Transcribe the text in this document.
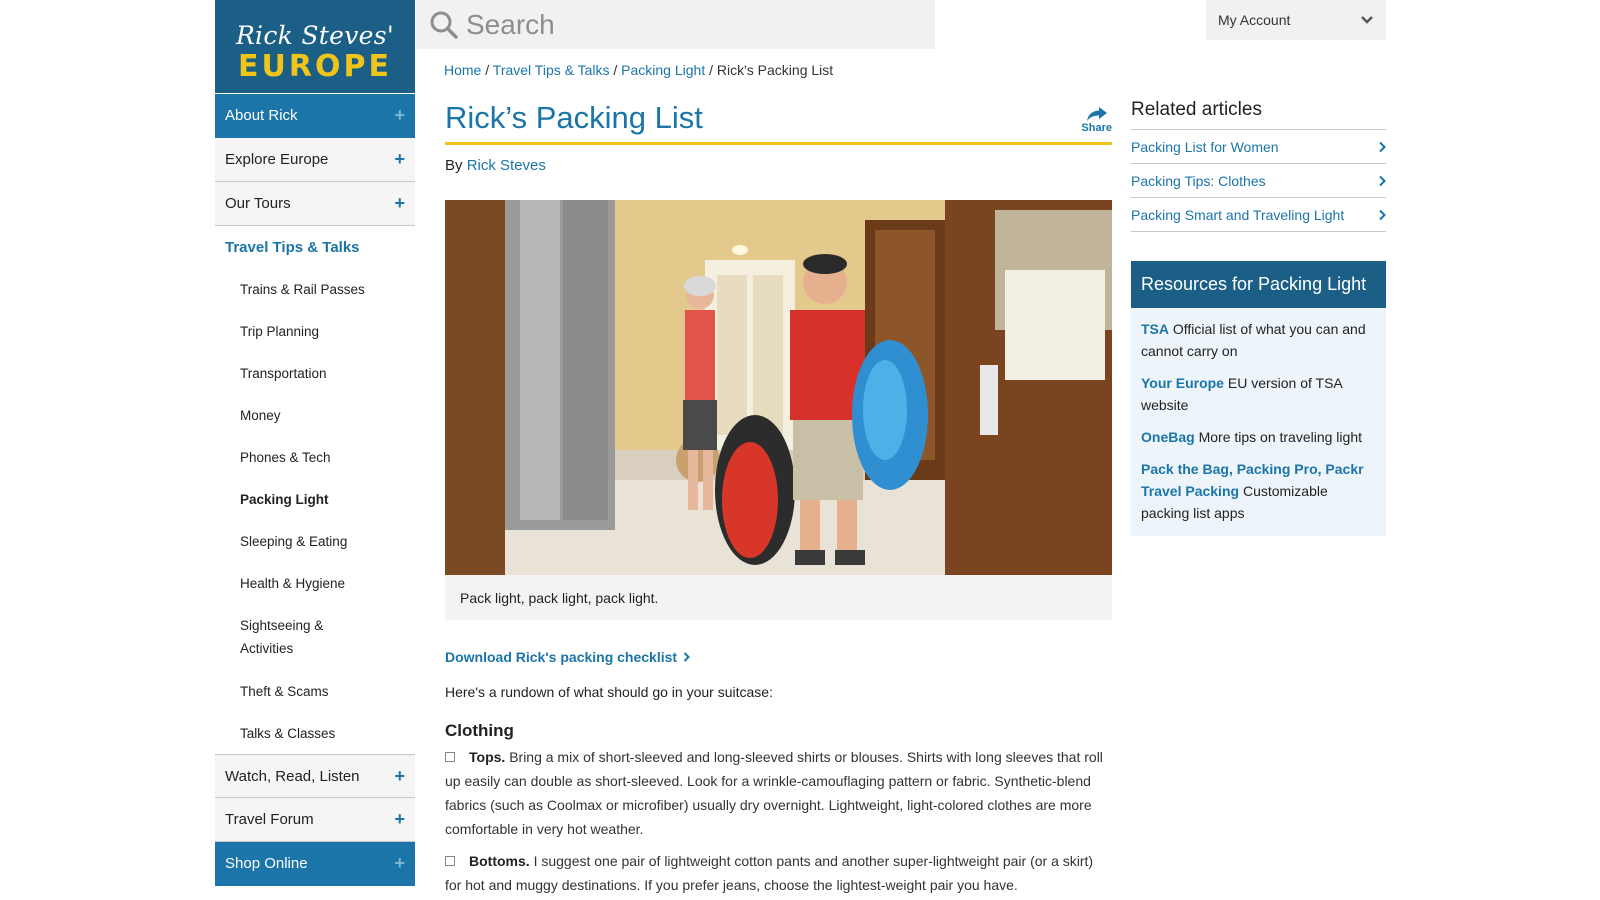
Rick Steves'
EUROPE
Search
My Account
About Rick	+
Explore Europe	+
Our Tours	+
Travel Tips & Talks
Trains & Rail Passes
Trip Planning
Transportation
Money
Phones & Tech
Packing Light
Sleeping & Eating
Health & Hygiene
Sightseeing & Activities
Theft & Scams
Talks & Classes
Watch, Read, Listen +
Travel Forum	+
Shop Online	+
Home / Travel Tips & Talks / Packing Light / Rick's Packing List
Rick’s Packing List	Share
By Rick Steves
Pack light, pack light, pack light.
Download Rick's packing checklist

Here's a rundown of what should go in your suitcase:

Clothing

Tops. Bring a mix of short-sleeved and long-sleeved shirts or blouses. Shirts with long sleeves that roll up easily can double as short-sleeved. Look for a wrinkle-camouflaging pattern or fabric. Synthetic-blend fabrics (such as Coolmax or microfiber) usually dry overnight. Lightweight, light-colored clothes are more comfortable in very hot weather.

Bottoms. I suggest one pair of lightweight cotton pants and another super-lightweight pair (or a skirt) for hot and muggy destinations. If you prefer jeans, choose the lightest-weight pair you have.

Related articles
Packing List for Women
Packing Tips: Clothes
Packing Smart and Traveling Light
Resources for Packing Light

TSA Official list of what you can and cannot carry on

Your Europe EU version of TSA website

OneBag More tips on traveling light

Pack the Bag, Packing Pro, Packr Travel Packing Customizable packing list apps
